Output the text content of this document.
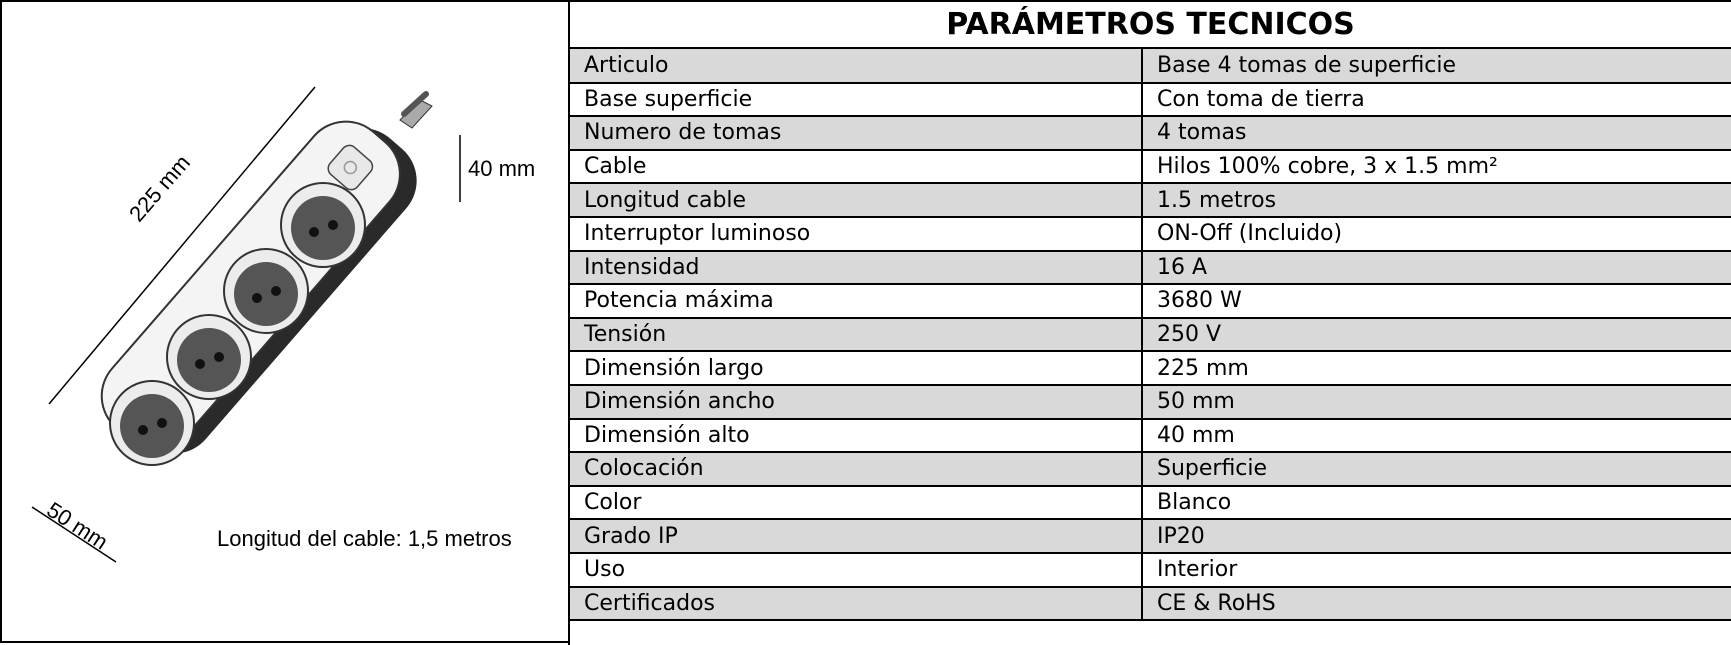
225 mm	40 mm
50 mm	Longitud del cable: 1,5 metros
PARÁMETROS TECNICOS
Articulo	Base 4 tomas de superficie
Base superficie	Con toma de tierra
Numero de tomas	4 tomas
Cable	Hilos 100% cobre, 3 x 1.5 mm²
Longitud cable	1.5 metros
Interruptor luminoso	ON-Off (Incluido)
Intensidad	16 A
Potencia máxima	3680 W
Tensión	250 V
Dimensión largo	225 mm
Dimensión ancho	50 mm
Dimensión alto	40 mm
Colocación	Superficie
Color	Blanco
Grado IP	IP20
Uso	Interior
Certificados	CE & RoHS
